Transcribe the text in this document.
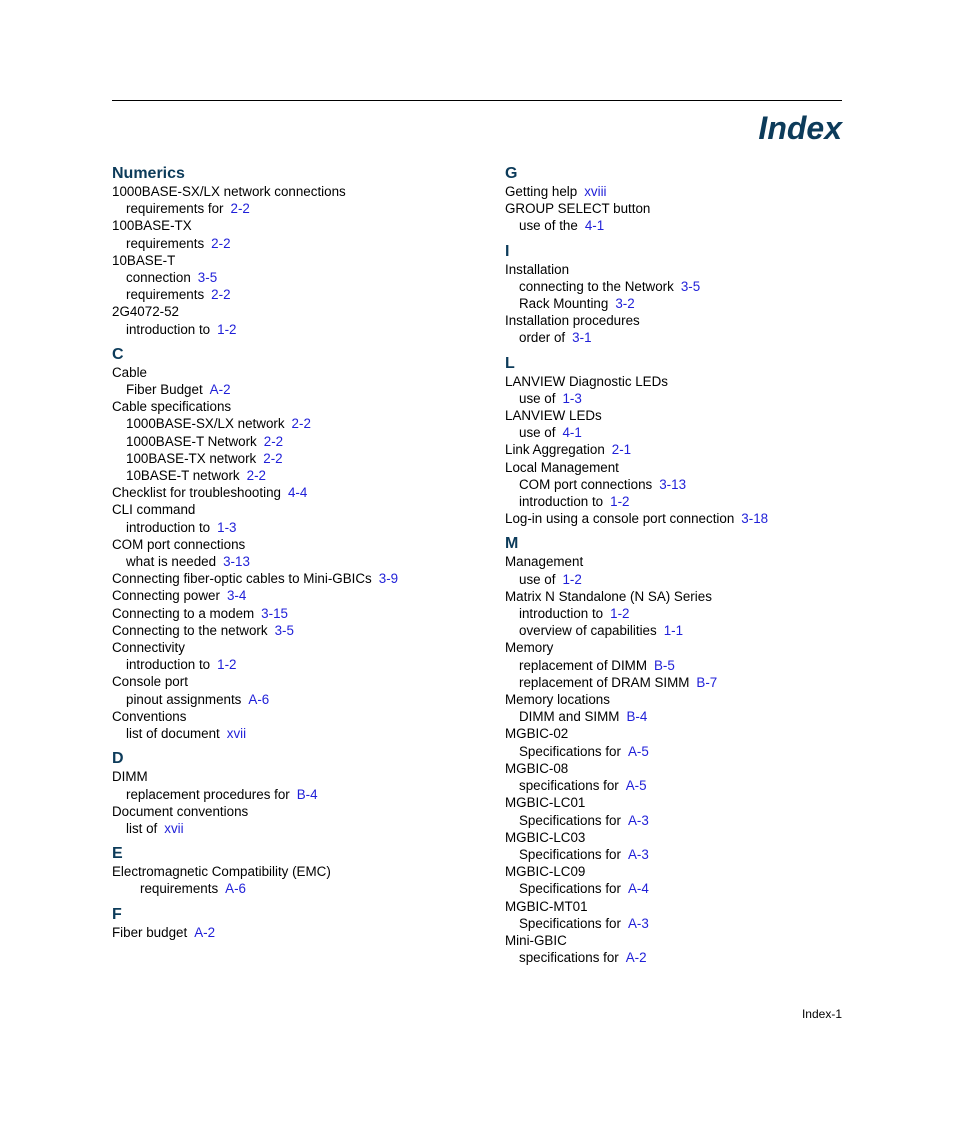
Index
Numerics
1000BASE-SX/LX network connections
requirements for 2-2
100BASE-TX
requirements 2-2
10BASE-T
connection 3-5
requirements 2-2
2G4072-52
introduction to 1-2
C
Cable
Fiber Budget A-2
Cable specifications
1000BASE-SX/LX network 2-2
1000BASE-T Network 2-2
100BASE-TX network 2-2
10BASE-T network 2-2
Checklist for troubleshooting 4-4
CLI command
introduction to 1-3
COM port connections
what is needed 3-13
Connecting fiber-optic cables to Mini-GBICs 3-9
Connecting power 3-4
Connecting to a modem 3-15
Connecting to the network 3-5
Connectivity
introduction to 1-2
Console port
pinout assignments A-6
Conventions
list of document xvii
D
DIMM
replacement procedures for B-4
Document conventions
list of xvii
E
Electromagnetic Compatibility (EMC)
requirements A-6
F
Fiber budget A-2
G
Getting help xviii
GROUP SELECT button
use of the 4-1
I
Installation
connecting to the Network 3-5
Rack Mounting 3-2
Installation procedures
order of 3-1
L
LANVIEW Diagnostic LEDs
use of 1-3
LANVIEW LEDs
use of 4-1
Link Aggregation 2-1
Local Management
COM port connections 3-13
introduction to 1-2
Log-in using a console port connection 3-18
M
Management
use of 1-2
Matrix N Standalone (N SA) Series
introduction to 1-2
overview of capabilities 1-1
Memory
replacement of DIMM B-5
replacement of DRAM SIMM B-7
Memory locations
DIMM and SIMM B-4
MGBIC-02
Specifications for A-5
MGBIC-08
specifications for A-5
MGBIC-LC01
Specifications for A-3
MGBIC-LC03
Specifications for A-3
MGBIC-LC09
Specifications for A-4
MGBIC-MT01
Specifications for A-3
Mini-GBIC
specifications for A-2
Index-1
